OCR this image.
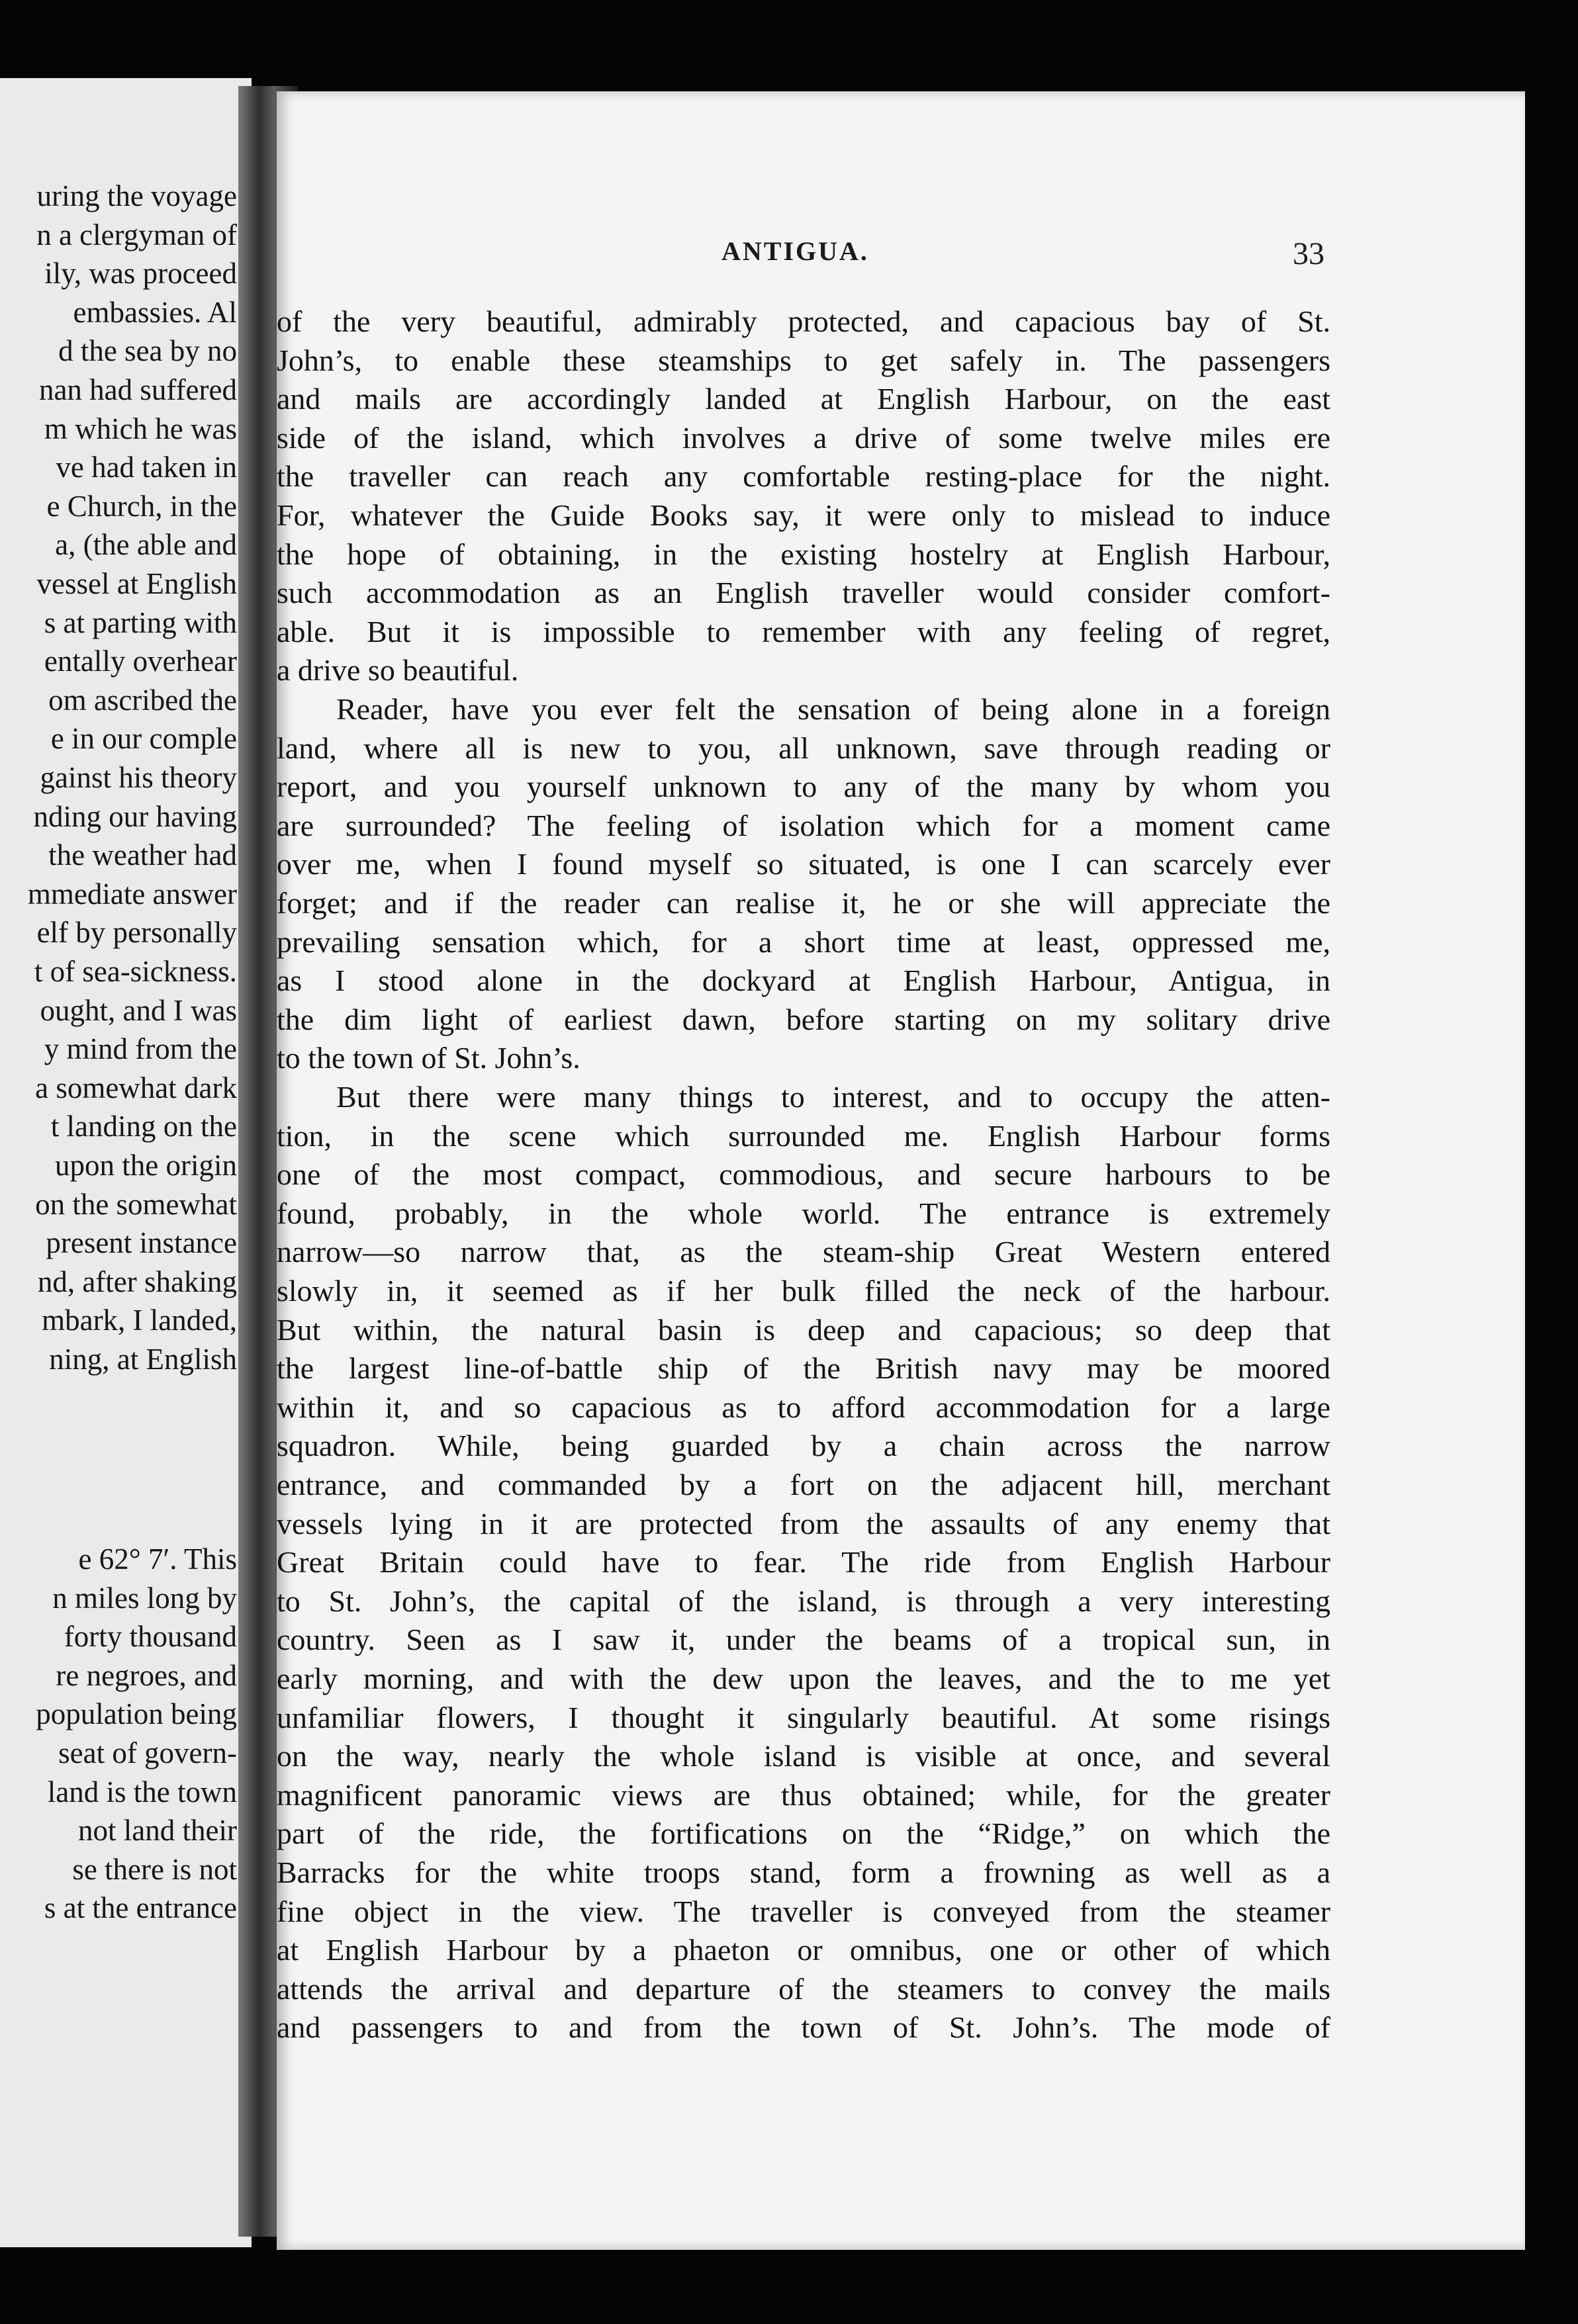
uring the voyage
n a clergyman of
ily, was proceed
embassies. Al
d the sea by no
nan had suffered
m which he was
ve had taken in
e Church, in the
a, (the able and
vessel at English
s at parting with
entally overhear
om ascribed the
e in our comple
gainst his theory
nding our having
the weather had
mmediate answer
elf by personally
t of sea-sickness.
ought, and I was
y mind from the
a somewhat dark
t landing on the
upon the origin
on the somewhat
present instance
nd, after shaking
mbark, I landed,
ning, at English
e 62° 7′. This
n miles long by
forty thousand
re negroes, and
population being
seat of govern-
land is the town
not land their
se there is not
s at the entrance
ANTIGUA.	33
of the very beautiful, admirably protected, and capacious bay of St.
John’s, to enable these steamships to get safely in. The passengers
and mails are accordingly landed at English Harbour, on the east
side of the island, which involves a drive of some twelve miles ere
the traveller can reach any comfortable resting-place for the night.
For, whatever the Guide Books say, it were only to mislead to induce
the hope of obtaining, in the existing hostelry at English Harbour,
such accommodation as an English traveller would consider comfort-
able. But it is impossible to remember with any feeling of regret,
a drive so beautiful.
Reader, have you ever felt the sensation of being alone in a foreign
land, where all is new to you, all unknown, save through reading or
report, and you yourself unknown to any of the many by whom you
are surrounded? The feeling of isolation which for a moment came
over me, when I found myself so situated, is one I can scarcely ever
forget; and if the reader can realise it, he or she will appreciate the
prevailing sensation which, for a short time at least, oppressed me,
as I stood alone in the dockyard at English Harbour, Antigua, in
the dim light of earliest dawn, before starting on my solitary drive
to the town of St. John’s.
But there were many things to interest, and to occupy the atten-
tion, in the scene which surrounded me. English Harbour forms
one of the most compact, commodious, and secure harbours to be
found, probably, in the whole world. The entrance is extremely
narrow—so narrow that, as the steam-ship Great Western entered
slowly in, it seemed as if her bulk filled the neck of the harbour.
But within, the natural basin is deep and capacious; so deep that
the largest line-of-battle ship of the British navy may be moored
within it, and so capacious as to afford accommodation for a large
squadron. While, being guarded by a chain across the narrow
entrance, and commanded by a fort on the adjacent hill, merchant
vessels lying in it are protected from the assaults of any enemy that
Great Britain could have to fear. The ride from English Harbour
to St. John’s, the capital of the island, is through a very interesting
country. Seen as I saw it, under the beams of a tropical sun, in
early morning, and with the dew upon the leaves, and the to me yet
unfamiliar flowers, I thought it singularly beautiful. At some risings
on the way, nearly the whole island is visible at once, and several
magnificent panoramic views are thus obtained; while, for the greater
part of the ride, the fortifications on the “Ridge,” on which the
Barracks for the white troops stand, form a frowning as well as a
fine object in the view. The traveller is conveyed from the steamer
at English Harbour by a phaeton or omnibus, one or other of which
attends the arrival and departure of the steamers to convey the mails
and passengers to and from the town of St. John’s. The mode of
